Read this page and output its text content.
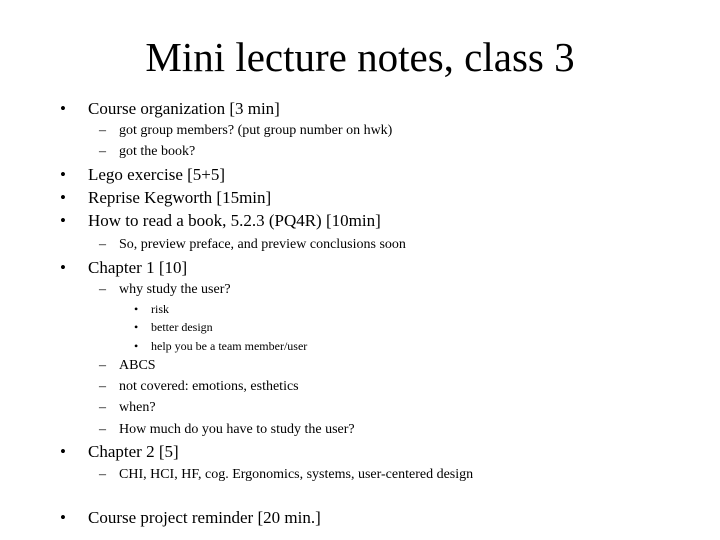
Mini lecture notes, class 3
• Course organization [3 min]
– got group members? (put group number on hwk)
– got the book?
• Lego exercise [5+5]
• Reprise Kegworth [15min]
• How to read a book, 5.2.3 (PQ4R) [10min]
– So, preview preface, and preview conclusions soon
• Chapter 1 [10]
– why study the user?
• risk
• better design
• help you be a team member/user
– ABCS
– not covered: emotions, esthetics
– when?
– How much do you have to study the user?
• Chapter 2 [5]
– CHI, HCI, HF, cog. Ergonomics, systems, user-centered design
• Course project reminder [20 min.]
